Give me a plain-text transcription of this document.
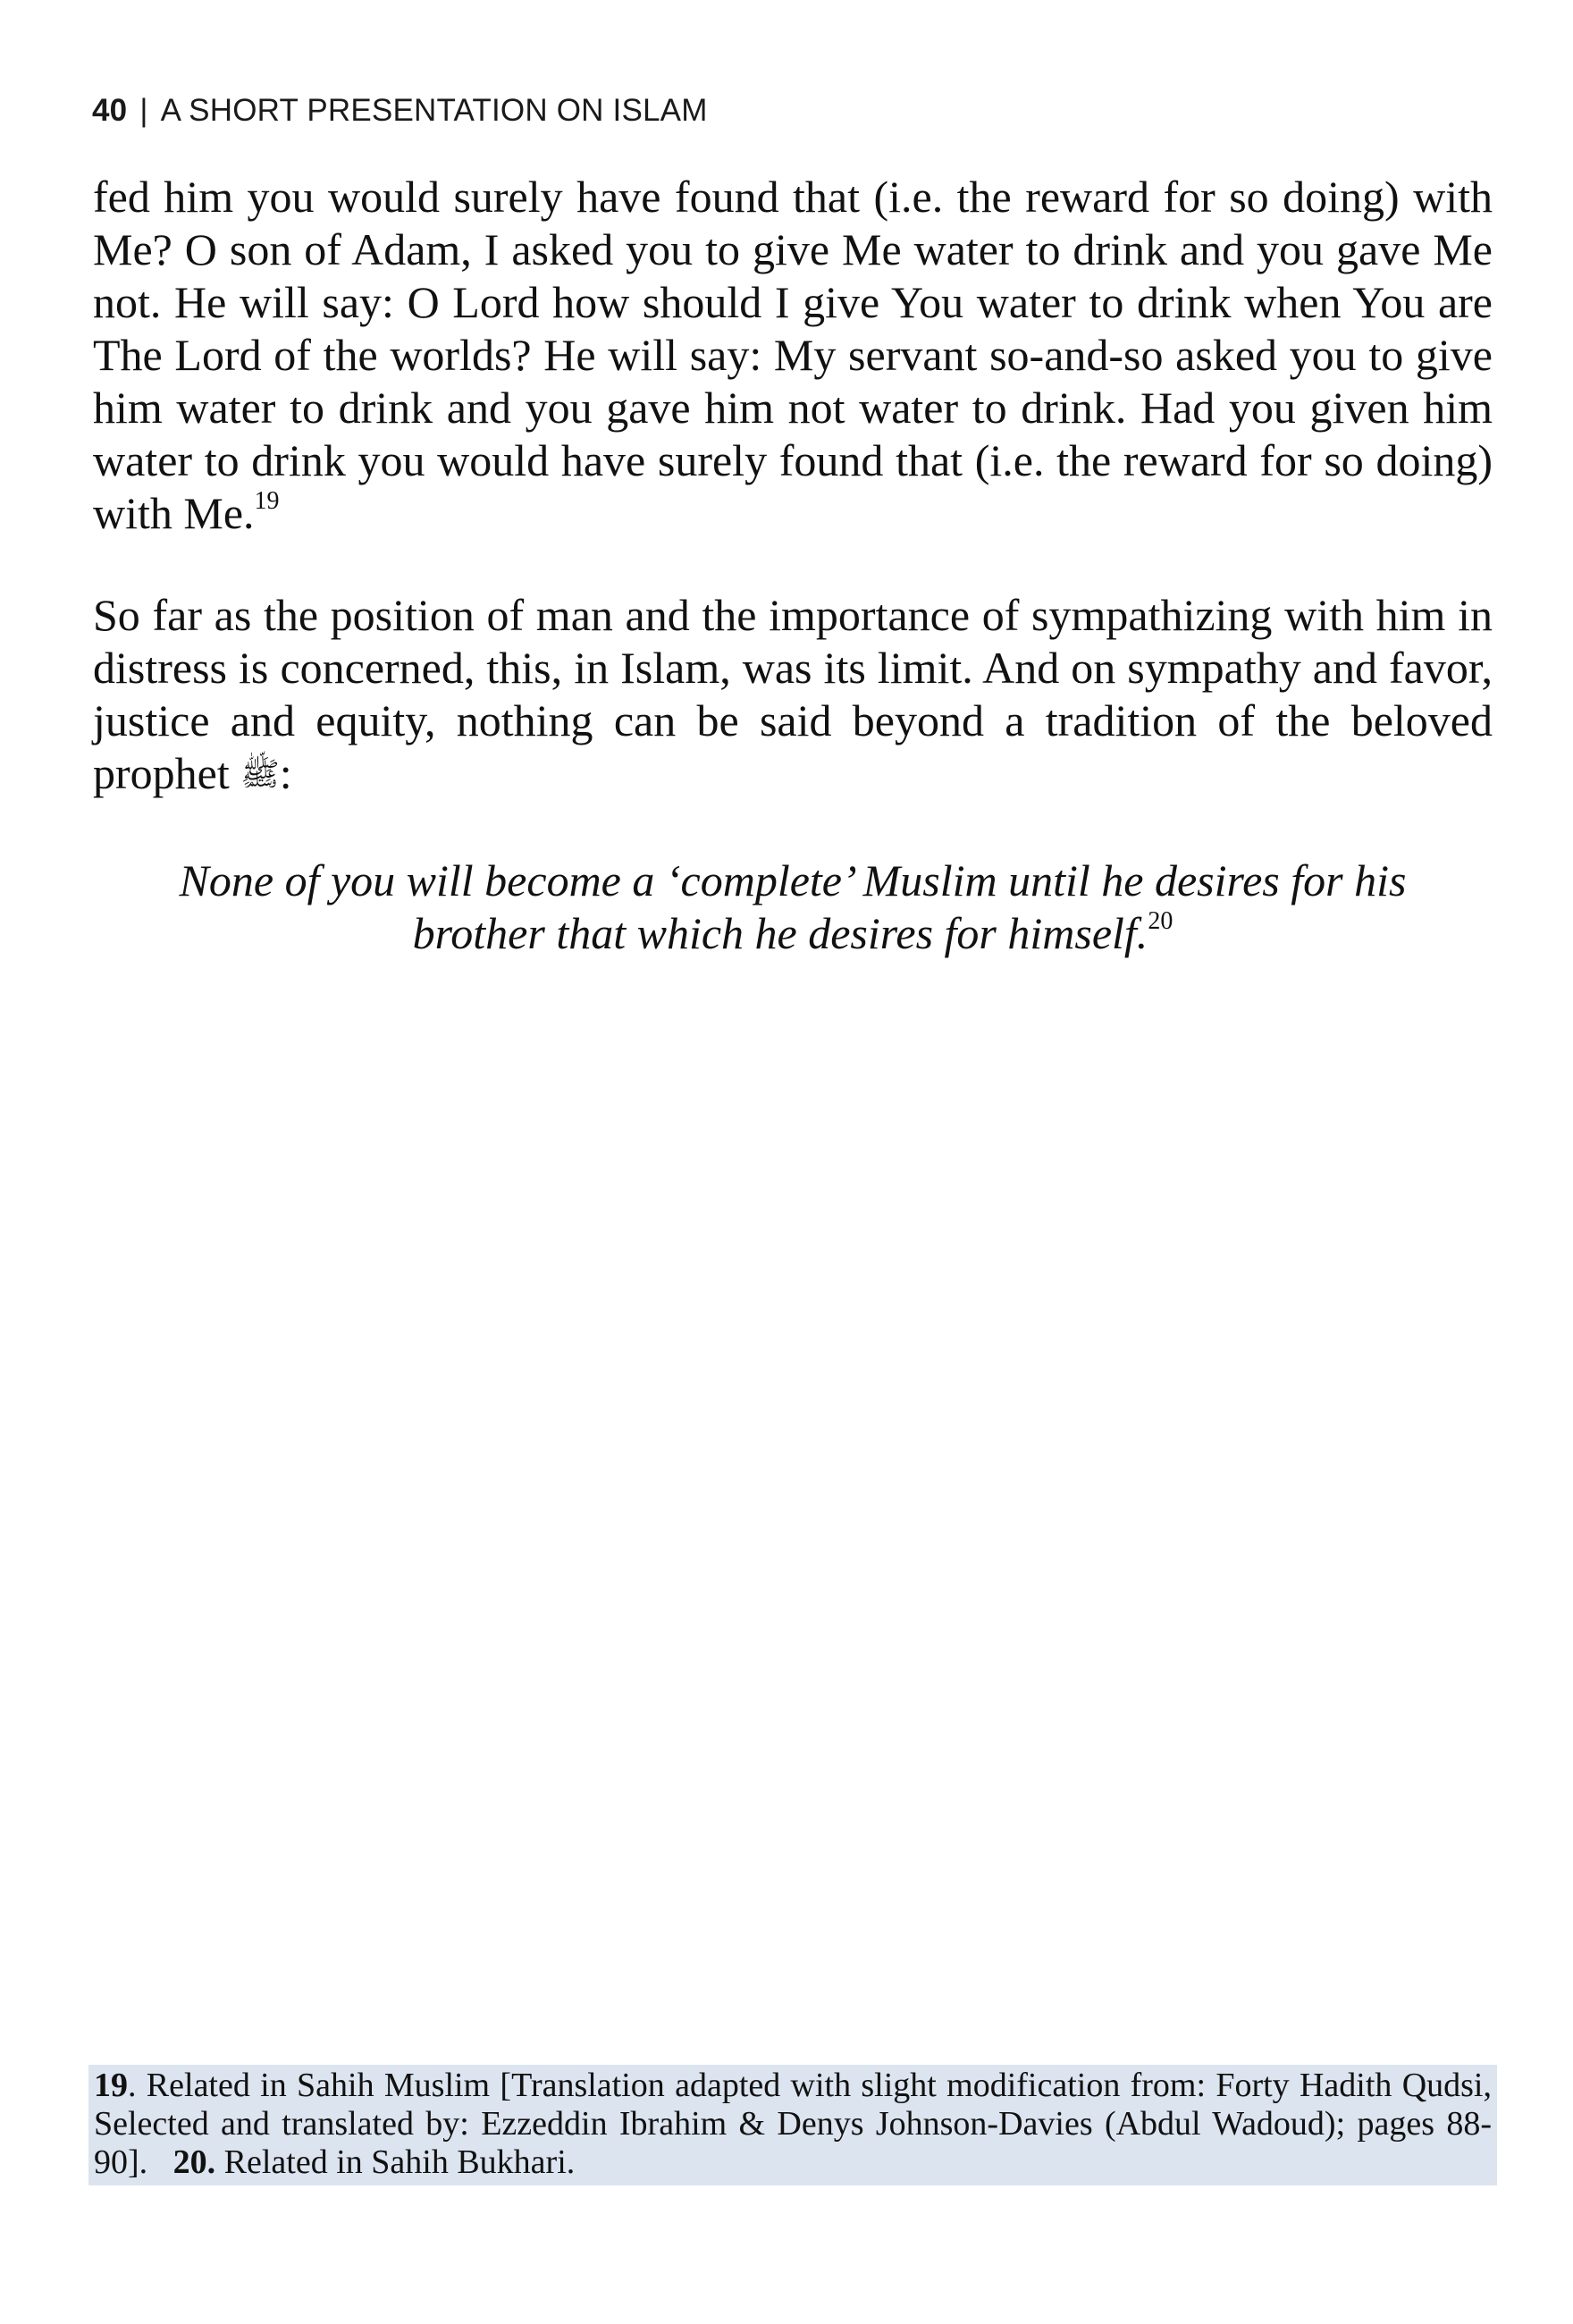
40 | A SHORT PRESENTATION ON ISLAM

fed him you would surely have found that (i.e. the reward for so doing) with Me? O son of Adam, I asked you to give Me water to drink and you gave Me not. He will say: O Lord how should I give You water to drink when You are The Lord of the worlds? He will say: My servant so-and-so asked you to give him water to drink and you gave him not water to drink. Had you given him water to drink you would have surely found that (i.e. the reward for so doing) with Me.$^{19}$

So far as the position of man and the importance of sympathizing with him in distress is concerned, this, in Islam, was its limit. And on sympathy and favor, justice and equity, nothing can be said beyond a tradition of the beloved prophet ﷺ:

None of you will become a ‘complete’ Muslim until he desires for his
brother that which he desires for himself.$^{20}$

19. Related in Sahih Muslim [Translation adapted with slight modification from: Forty Hadith Qudsi, Selected and translated by: Ezzeddin Ibrahim & Denys Johnson-Davies (Abdul Wadoud); pages 88-90]. 20. Related in Sahih Bukhari.
